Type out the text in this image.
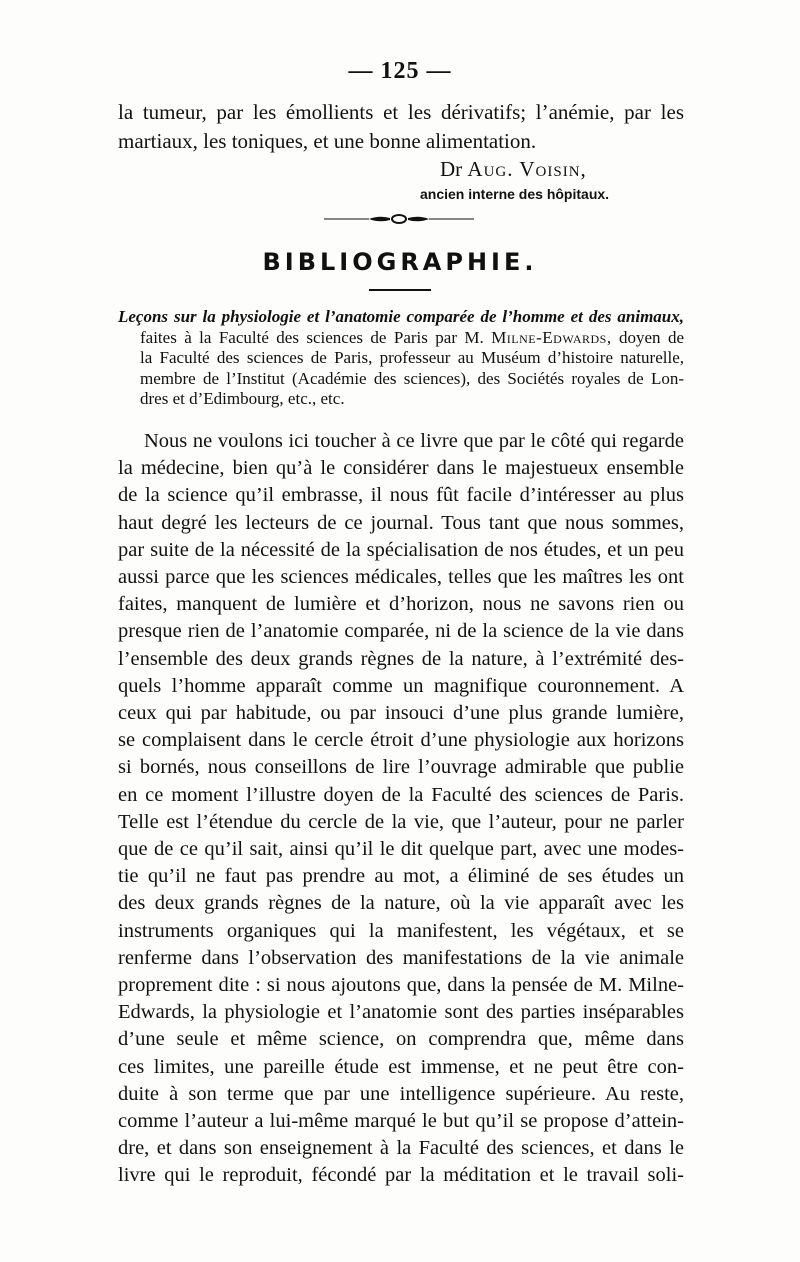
— 125 —
la tumeur, par les émollients et les dérivatifs; l’anémie, par les
martiaux, les toniques, et une bonne alimentation.
Dr Aug. Voisin,
ancien interne des hôpitaux.
BIBLIOGRAPHIE.
Leçons sur la physiologie et l’anatomie comparée de l’homme et des animaux,
faites à la Faculté des sciences de Paris par M. Milne-Edwards, doyen de
la Faculté des sciences de Paris, professeur au Muséum d’histoire naturelle,
membre de l’Institut (Académie des sciences), des Sociétés royales de Lon-
dres et d’Edimbourg, etc., etc.
Nous ne voulons ici toucher à ce livre que par le côté qui regarde
la médecine, bien qu’à le considérer dans le majestueux ensemble
de la science qu’il embrasse, il nous fût facile d’intéresser au plus
haut degré les lecteurs de ce journal. Tous tant que nous sommes,
par suite de la nécessité de la spécialisation de nos études, et un peu
aussi parce que les sciences médicales, telles que les maîtres les ont
faites, manquent de lumière et d’horizon, nous ne savons rien ou
presque rien de l’anatomie comparée, ni de la science de la vie dans
l’ensemble des deux grands règnes de la nature, à l’extrémité des-
quels l’homme apparaît comme un magnifique couronnement. A
ceux qui par habitude, ou par insouci d’une plus grande lumière,
se complaisent dans le cercle étroit d’une physiologie aux horizons
si bornés, nous conseillons de lire l’ouvrage admirable que publie
en ce moment l’illustre doyen de la Faculté des sciences de Paris.
Telle est l’étendue du cercle de la vie, que l’auteur, pour ne parler
que de ce qu’il sait, ainsi qu’il le dit quelque part, avec une modes-
tie qu’il ne faut pas prendre au mot, a éliminé de ses études un
des deux grands règnes de la nature, où la vie apparaît avec les
instruments organiques qui la manifestent, les végétaux, et se
renferme dans l’observation des manifestations de la vie animale
proprement dite : si nous ajoutons que, dans la pensée de M. Milne-
Edwards, la physiologie et l’anatomie sont des parties inséparables
d’une seule et même science, on comprendra que, même dans
ces limites, une pareille étude est immense, et ne peut être con-
duite à son terme que par une intelligence supérieure. Au reste,
comme l’auteur a lui-même marqué le but qu’il se propose d’attein-
dre, et dans son enseignement à la Faculté des sciences, et dans le
livre qui le reproduit, fécondé par la méditation et le travail soli-
